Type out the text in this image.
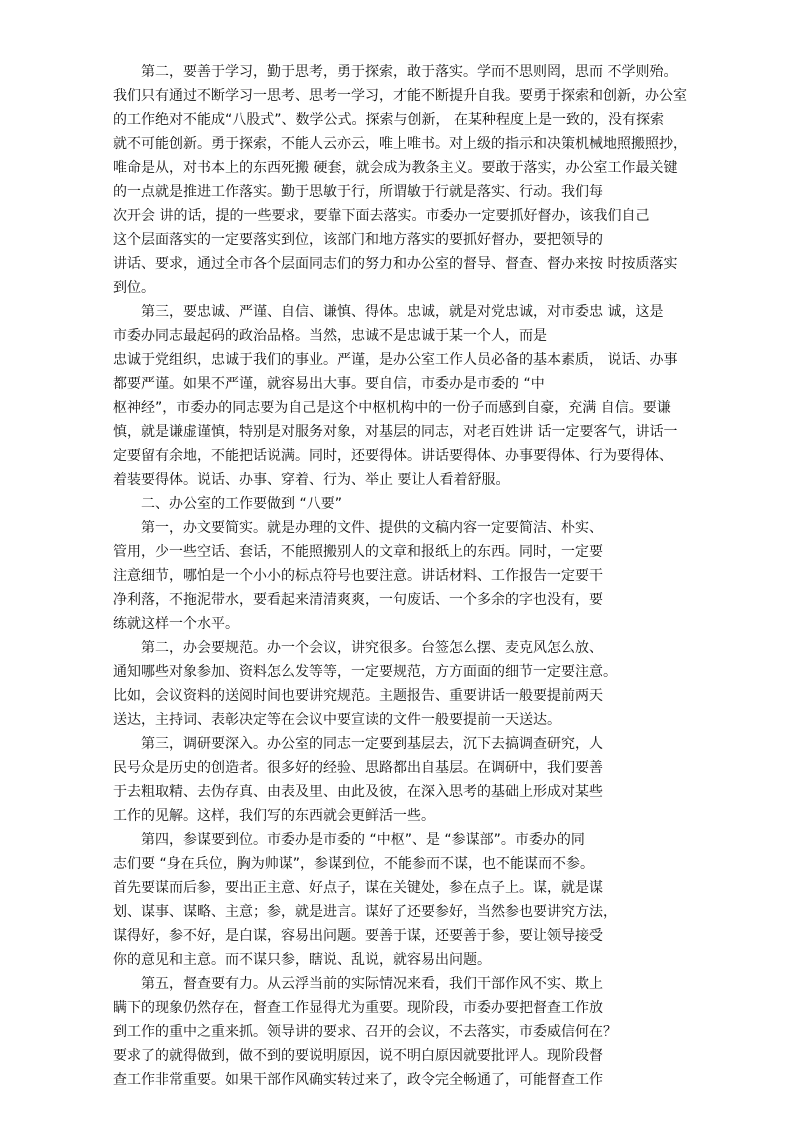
　　第二，要善于学习，勤于思考，勇于探索，敢于落实。学而不思则罔，思而 不学则殆。
我们只有通过不断学习一思考、思考一学习，才能不断提升自我。要勇于探索和创新，办公室
的工作绝对不能成“八股式”、数学公式。探索与创新， 在某种程度上是一致的，没有探索
就不可能创新。勇于探索，不能人云亦云，唯上唯书。对上级的指示和决策机械地照搬照抄，
唯命是从，对书本上的东西死搬 硬套，就会成为教条主义。要敢于落实，办公室工作最关键
的一点就是推进工作落实。勤于思敏于行，所谓敏于行就是落实、行动。我们每
次开会 讲的话，提的一些要求，要靠下面去落实。市委办一定要抓好督办，该我们自己
这个层面落实的一定要落实到位，该部门和地方落实的要抓好督办，要把领导的
讲话、要求，通过全市各个层面同志们的努力和办公室的督导、督查、督办来按 时按质落实
到位。
　　第三，要忠诚、严谨、自信、谦慎、得体。忠诚，就是对党忠诚，对市委忠 诚，这是
市委办同志最起码的政治品格。当然，忠诚不是忠诚于某一个人，而是
忠诚于党组织，忠诚于我们的事业。严谨，是办公室工作人员必备的基本素质， 说话、办事
都要严谨。如果不严谨，就容易出大事。要自信，市委办是市委的 “中
枢神经”，市委办的同志要为自己是这个中枢机构中的一份子而感到自豪，充满 自信。要谦
慎，就是谦虚谨慎，特别是对服务对象，对基层的同志，对老百姓讲 话一定要客气，讲话一
定要留有余地，不能把话说满。同时，还要得体。讲话要得体、办事要得体、行为要得体、
着装要得体。说话、办事、穿着、行为、举止 要让人看着舒服。
　　二、办公室的工作要做到 “八要”
　　第一，办文要简实。就是办理的文件、提供的文稿内容一定要简洁、朴实、
管用，少一些空话、套话，不能照搬别人的文章和报纸上的东西。同时，一定要
注意细节，哪怕是一个小小的标点符号也要注意。讲话材料、工作报告一定要干
净利落，不拖泥带水，要看起来清清爽爽，一句废话、一个多余的字也没有，要
练就这样一个水平。
　　第二，办会要规范。办一个会议，讲究很多。台签怎么摆、麦克风怎么放、
通知哪些对象参加、资料怎么发等等，一定要规范，方方面面的细节一定要注意。
比如，会议资料的送阅时间也要讲究规范。主题报告、重要讲话一般要提前两天
送达，主持词、表彰决定等在会议中要宣读的文件一般要提前一天送达。
　　第三，调研要深入。办公室的同志一定要到基层去，沉下去搞调查研究，人
民号众是历史的创造者。很多好的经验、思路都出自基层。在调研中，我们要善
于去粗取精、去伪存真、由表及里、由此及彼，在深入思考的基础上形成对某些
工作的见解。这样，我们写的东西就会更鲜活一些。
　　第四，参谋要到位。市委办是市委的 “中枢”、是 “参谋部”。市委办的同
志们要 “身在兵位，胸为帅谋”，参谋到位，不能参而不谋，也不能谋而不参。
首先要谋而后参，要出正主意、好点子，谋在关键处，参在点子上。谋，就是谋
划、谋事、谋略、主意；参，就是进言。谋好了还要参好，当然参也要讲究方法，
谋得好，参不好，是白谋，容易出问题。要善于谋，还要善于参，要让领导接受
你的意见和主意。而不谋只参，瞎说、乱说，就容易出问题。
　　第五，督查要有力。从云浮当前的实际情况来看，我们干部作风不实、欺上
瞒下的现象仍然存在，督查工作显得尤为重要。现阶段，市委办要把督查工作放
到工作的重中之重来抓。领导讲的要求、召开的会议，不去落实，市委威信何在？
要求了的就得做到，做不到的要说明原因，说不明白原因就要批评人。现阶段督
查工作非常重要。如果干部作风确实转过来了，政令完全畅通了，可能督查工作
